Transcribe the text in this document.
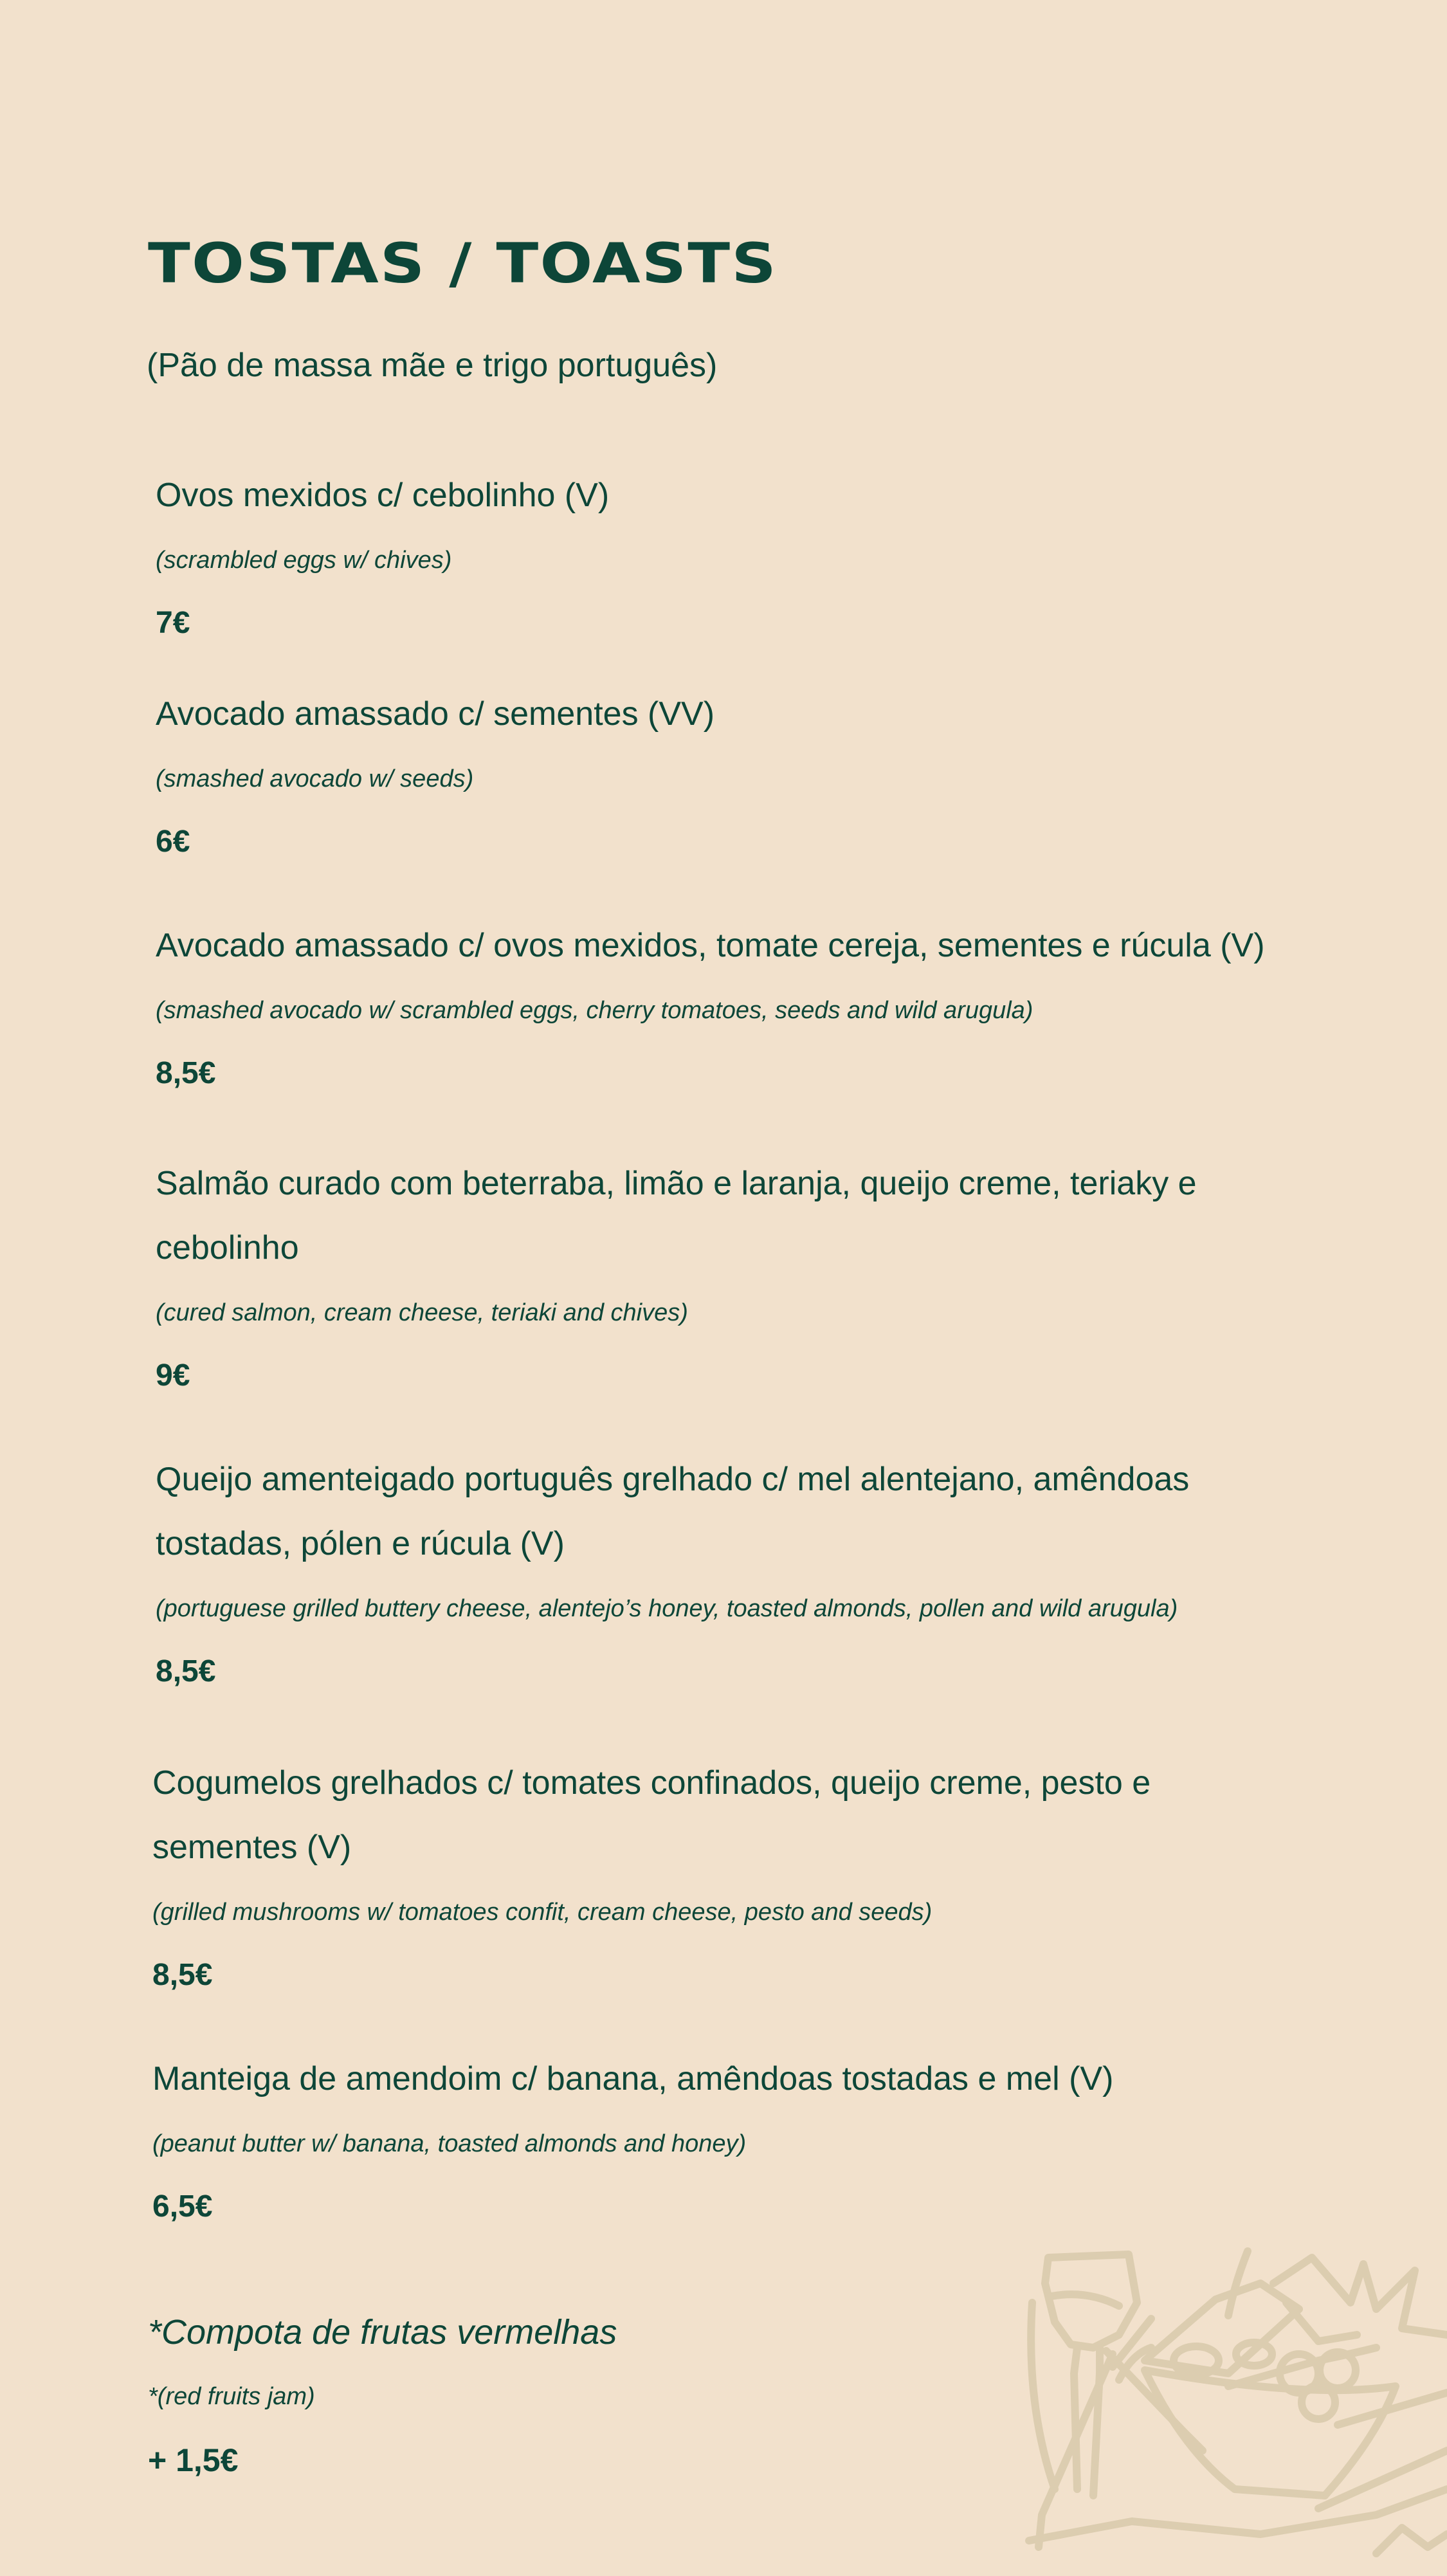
TOSTAS / TOASTS

(Pão de massa mãe e trigo português)

Ovos mexidos c/ cebolinho (V)

(scrambled eggs w/ chives)

7€

Avocado amassado c/ sementes (VV)

(smashed avocado w/ seeds)

6€

Avocado amassado c/ ovos mexidos, tomate cereja, sementes e rúcula (V)

(smashed avocado w/ scrambled eggs, cherry tomatoes, seeds and wild arugula)

8,5€

Salmão curado com beterraba, limão e laranja, queijo creme, teriaky e cebolinho

(cured salmon, cream cheese, teriaki and chives)

9€

Queijo amenteigado português grelhado c/ mel alentejano, amêndoas tostadas, pólen e rúcula (V)

(portuguese grilled buttery cheese, alentejo’s honey, toasted almonds, pollen and wild arugula)

8,5€

Cogumelos grelhados c/ tomates confinados, queijo creme, pesto e sementes (V)

(grilled mushrooms w/ tomatoes confit, cream cheese, pesto and seeds)

8,5€

Manteiga de amendoim c/ banana, amêndoas tostadas e mel (V)

(peanut butter w/ banana, toasted almonds and honey)

6,5€

*Compota de frutas vermelhas

*(red fruits jam)

+ 1,5€
